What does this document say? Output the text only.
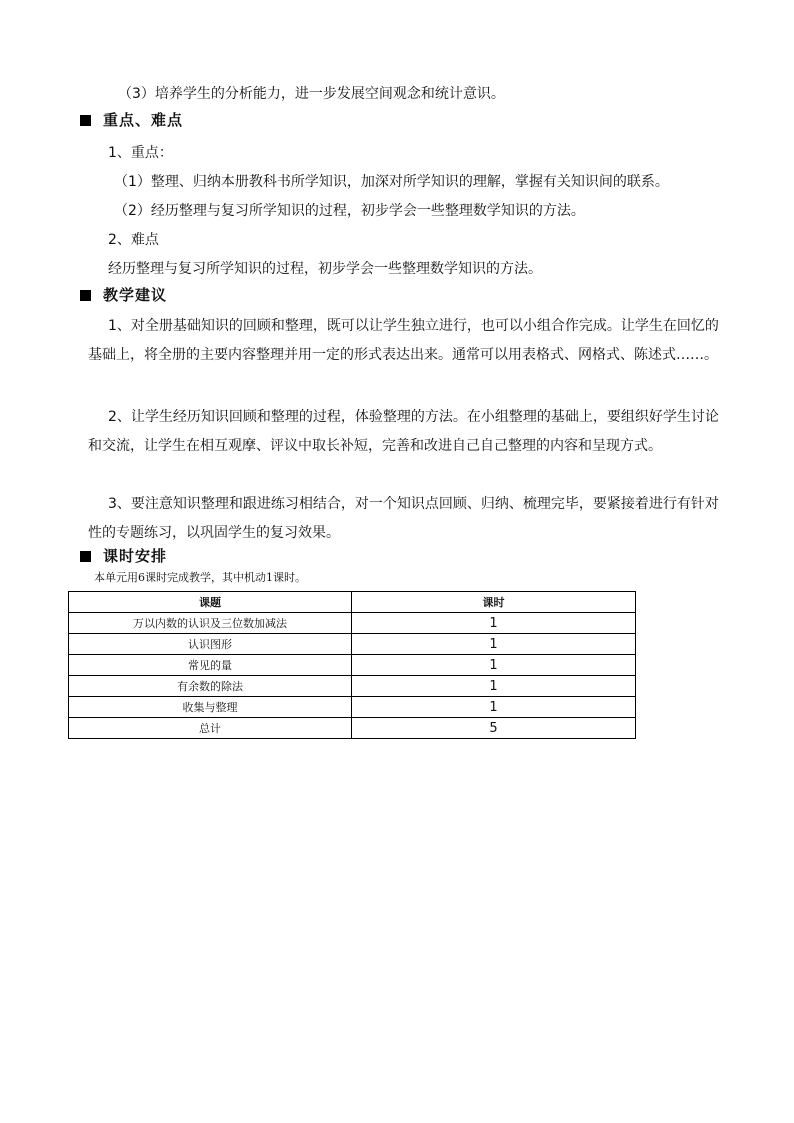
（3）培养学生的分析能力，进一步发展空间观念和统计意识。
重点、难点
1、重点：
（1）整理、归纳本册教科书所学知识，加深对所学知识的理解，掌握有关知识间的联系。
（2）经历整理与复习所学知识的过程，初步学会一些整理数学知识的方法。
2、难点
经历整理与复习所学知识的过程，初步学会一些整理数学知识的方法。
教学建议
1、对全册基础知识的回顾和整理，既可以让学生独立进行，也可以小组合作完成。让学生在回忆的基础上，将全册的主要内容整理并用一定的形式表达出来。通常可以用表格式、网格式、陈述式……。
2、让学生经历知识回顾和整理的过程，体验整理的方法。在小组整理的基础上，要组织好学生讨论和交流，让学生在相互观摩、评议中取长补短，完善和改进自己自己整理的内容和呈现方式。
3、要注意知识整理和跟进练习相结合，对一个知识点回顾、归纳、梳理完毕，要紧接着进行有针对性的专题练习，以巩固学生的复习效果。
课时安排
本单元用6课时完成教学，其中机动1课时。
课题	课时
万以内数的认识及三位数加减法	1
认识图形	1
常见的量	1
有余数的除法	1
收集与整理	1
总计	5
